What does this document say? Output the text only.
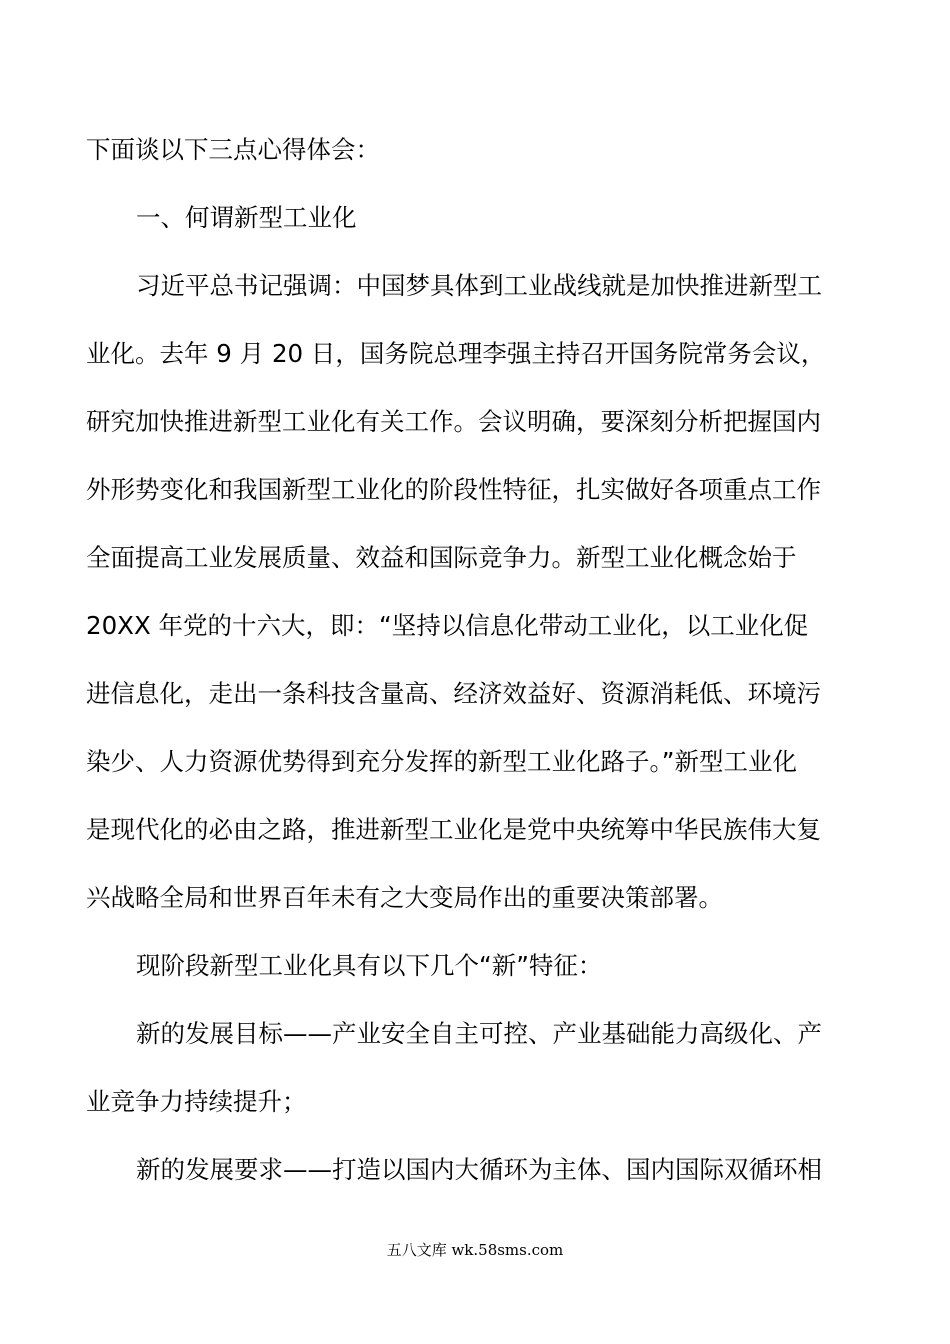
下面谈以下三点心得体会：
一、何谓新型工业化
习近平总书记强调：中国梦具体到工业战线就是加快推进新型工
业化。去年 9 月 20 日，国务院总理李强主持召开国务院常务会议，
研究加快推进新型工业化有关工作。会议明确，要深刻分析把握国内
外形势变化和我国新型工业化的阶段性特征，扎实做好各项重点工作
全面提高工业发展质量、效益和国际竞争力。新型工业化概念始于
20XX 年党的十六大，即：“坚持以信息化带动工业化，以工业化促
进信息化，走出一条科技含量高、经济效益好、资源消耗低、环境污
染少、人力资源优势得到充分发挥的新型工业化路子。”新型工业化
是现代化的必由之路，推进新型工业化是党中央统筹中华民族伟大复
兴战略全局和世界百年未有之大变局作出的重要决策部署。
现阶段新型工业化具有以下几个“新”特征：
新的发展目标——产业安全自主可控、产业基础能力高级化、产
业竞争力持续提升；
新的发展要求——打造以国内大循环为主体、国内国际双循环相
五八文库 wk.58sms.com
